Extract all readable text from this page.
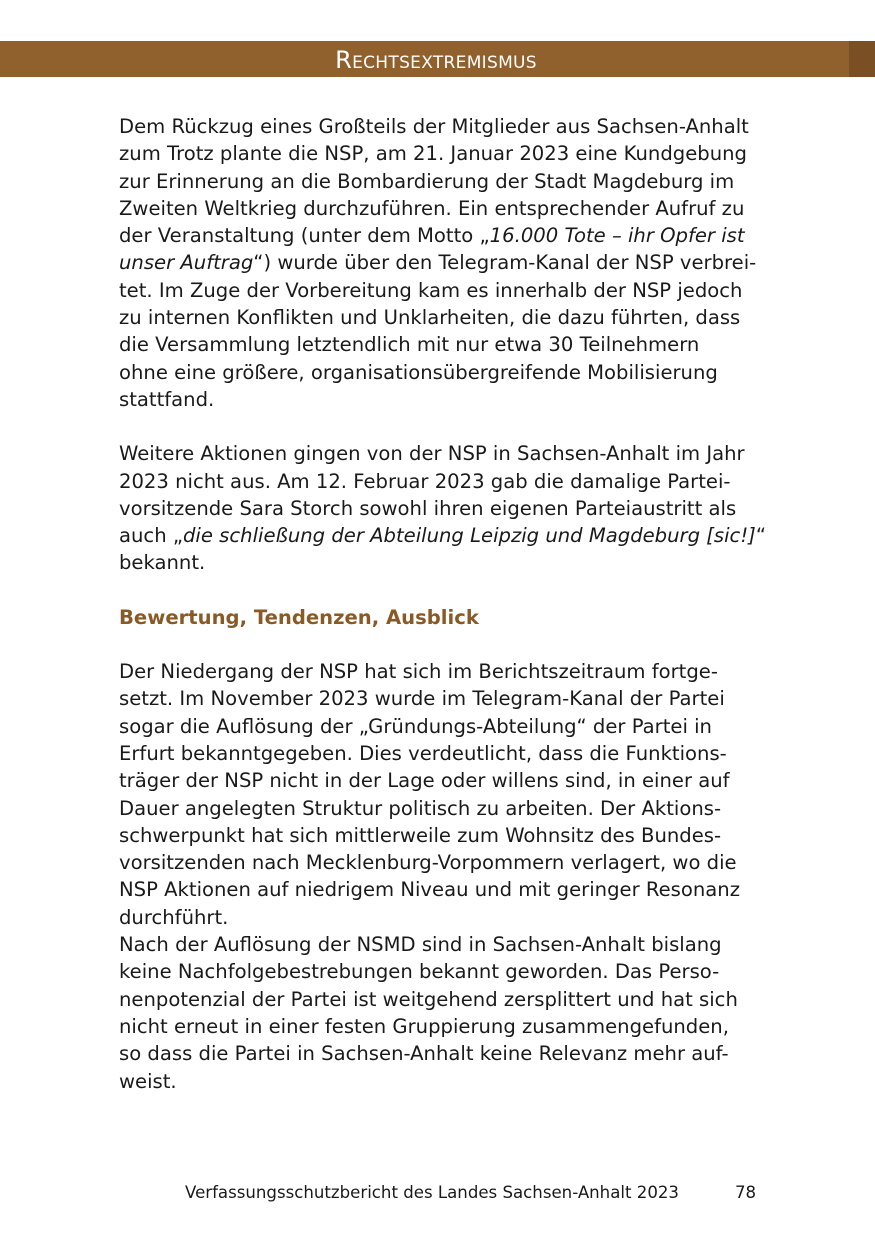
Rechtsextremismus
Dem Rückzug eines Großteils der Mitglieder aus Sachsen-Anhalt
zum Trotz plante die NSP, am 21. Januar 2023 eine Kundgebung
zur Erinnerung an die Bombardierung der Stadt Magdeburg im
Zweiten Weltkrieg durchzuführen. Ein entsprechender Aufruf zu
der Veranstaltung (unter dem Motto „16.000 Tote – ihr Opfer ist
unser Auftrag“) wurde über den Telegram-Kanal der NSP verbrei-
tet. Im Zuge der Vorbereitung kam es innerhalb der NSP jedoch
zu internen Konflikten und Unklarheiten, die dazu führten, dass
die Versammlung letztendlich mit nur etwa 30 Teilnehmern
ohne eine größere, organisationsübergreifende Mobilisierung
stattfand.
Weitere Aktionen gingen von der NSP in Sachsen-Anhalt im Jahr
2023 nicht aus. Am 12. Februar 2023 gab die damalige Partei-
vorsitzende Sara Storch sowohl ihren eigenen Parteiaustritt als
auch „die schließung der Abteilung Leipzig und Magdeburg [sic!]“
bekannt.
Bewertung, Tendenzen, Ausblick
Der Niedergang der NSP hat sich im Berichtszeitraum fortge-
setzt. Im November 2023 wurde im Telegram-Kanal der Partei
sogar die Auflösung der „Gründungs-Abteilung“ der Partei in
Erfurt bekanntgegeben. Dies verdeutlicht, dass die Funktions-
träger der NSP nicht in der Lage oder willens sind, in einer auf
Dauer angelegten Struktur politisch zu arbeiten. Der Aktions-
schwerpunkt hat sich mittlerweile zum Wohnsitz des Bundes-
vorsitzenden nach Mecklenburg-Vorpommern verlagert, wo die
NSP Aktionen auf niedrigem Niveau und mit geringer Resonanz
durchführt.
Nach der Auflösung der NSMD sind in Sachsen-Anhalt bislang
keine Nachfolgebestrebungen bekannt geworden. Das Perso-
nenpotenzial der Partei ist weitgehend zersplittert und hat sich
nicht erneut in einer festen Gruppierung zusammengefunden,
so dass die Partei in Sachsen-Anhalt keine Relevanz mehr auf-
weist.
Verfassungsschutzbericht des Landes Sachsen-Anhalt 2023	78
